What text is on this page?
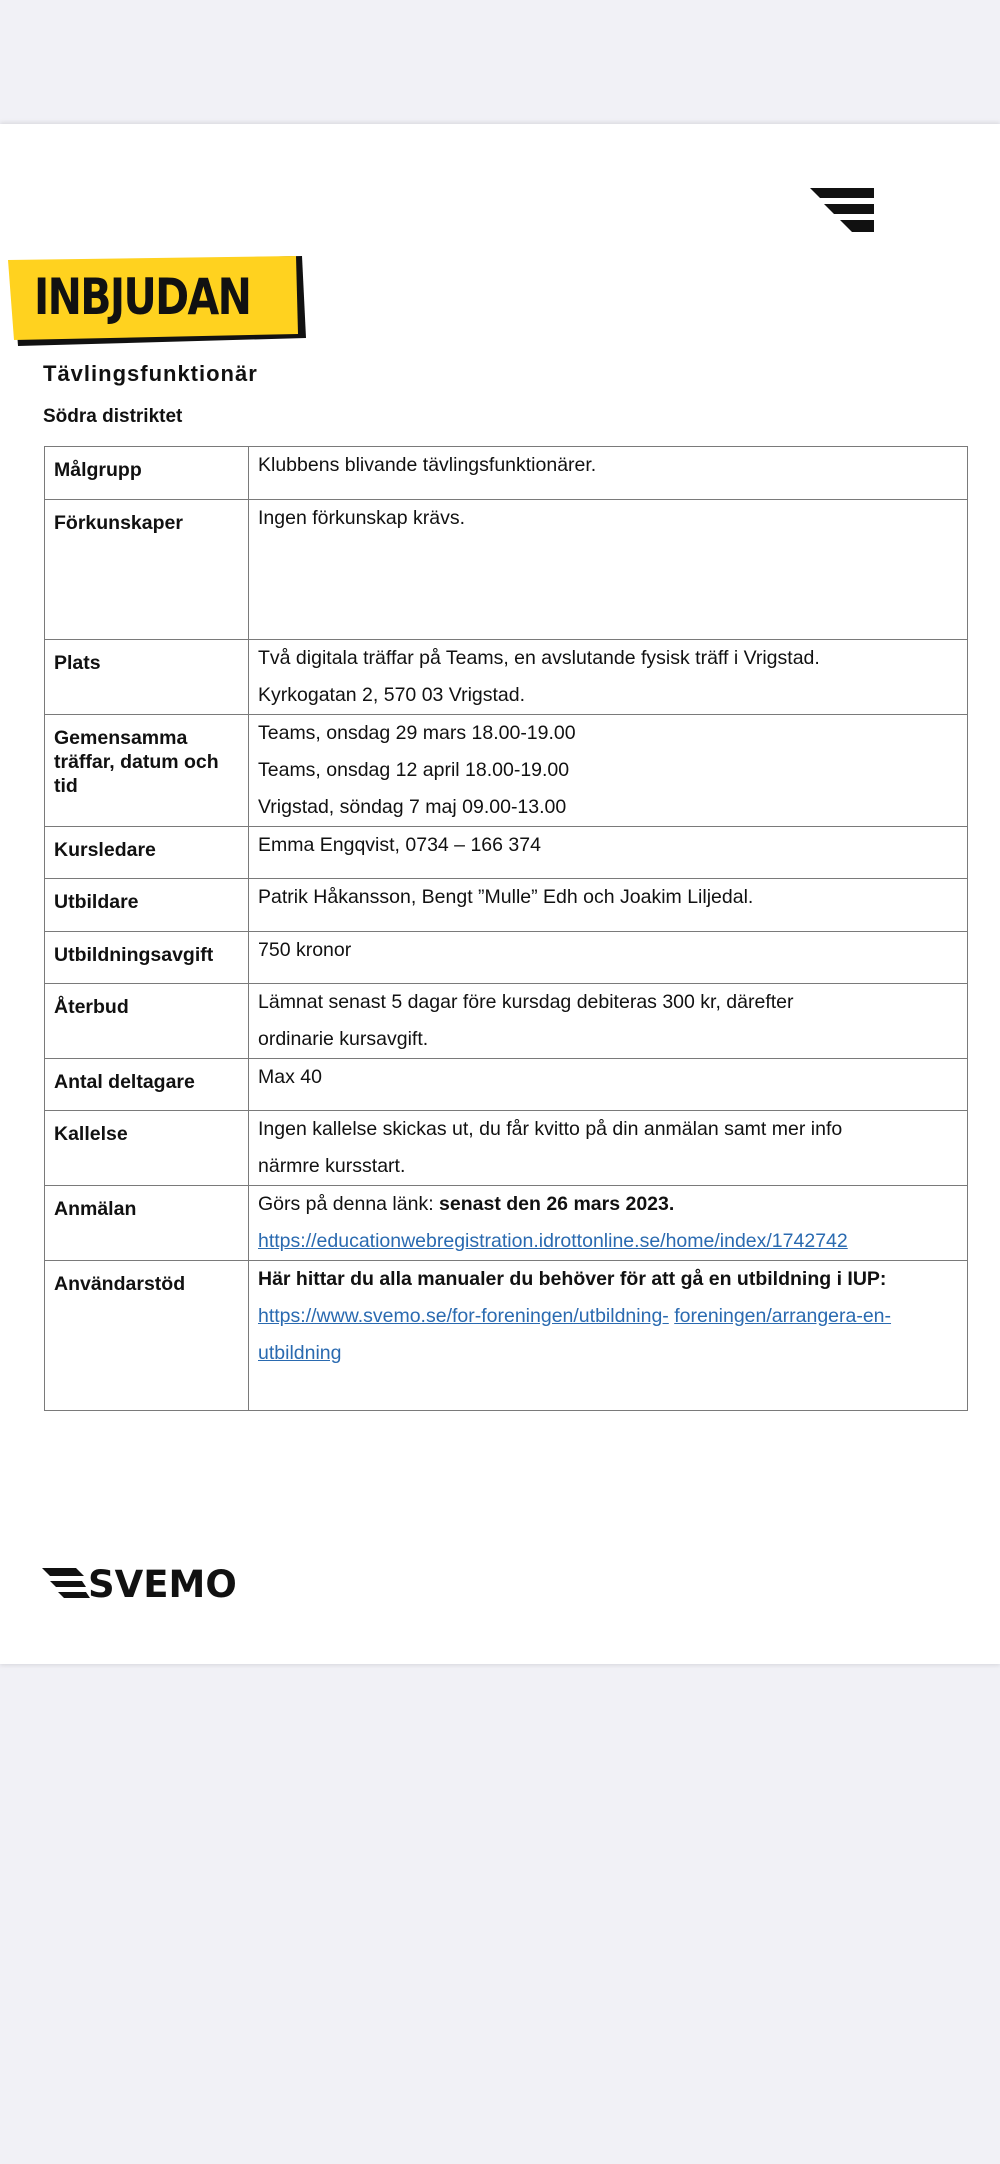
INBJUDAN
Tävlingsfunktionär
Södra distriktet
Målgrupp	Klubbens blivande tävlingsfunktionärer.

Förkunskaper	Ingen förkunskap krävs.

Plats	Två digitala träffar på Teams, en avslutande fysisk träff i Vrigstad.
Kyrkogatan 2, 570 03 Vrigstad.

Gemensamma träffar, datum och tid	Teams, onsdag 29 mars 18.00-19.00
Teams, onsdag 12 april 18.00-19.00
Vrigstad, söndag 7 maj 09.00-13.00

Kursledare	Emma Engqvist, 0734 – 166 374

Utbildare	Patrik Håkansson, Bengt ”Mulle” Edh och Joakim Liljedal.

Utbildningsavgift	750 kronor

Återbud	Lämnat senast 5 dagar före kursdag debiteras 300 kr, därefter
ordinarie kursavgift.

Antal deltagare	Max 40

Kallelse	Ingen kallelse skickas ut, du får kvitto på din anmälan samt mer info
närmre kursstart.

Anmälan	Görs på denna länk: senast den 26 mars 2023.
https://educationwebregistration.idrottonline.se/home/index/1742742

Användarstöd	Här hittar du alla manualer du behöver för att gå en utbildning i IUP: https://www.svemo.se/for-foreningen/utbildning- foreningen/arrangera-en-utbildning
SVEMO
